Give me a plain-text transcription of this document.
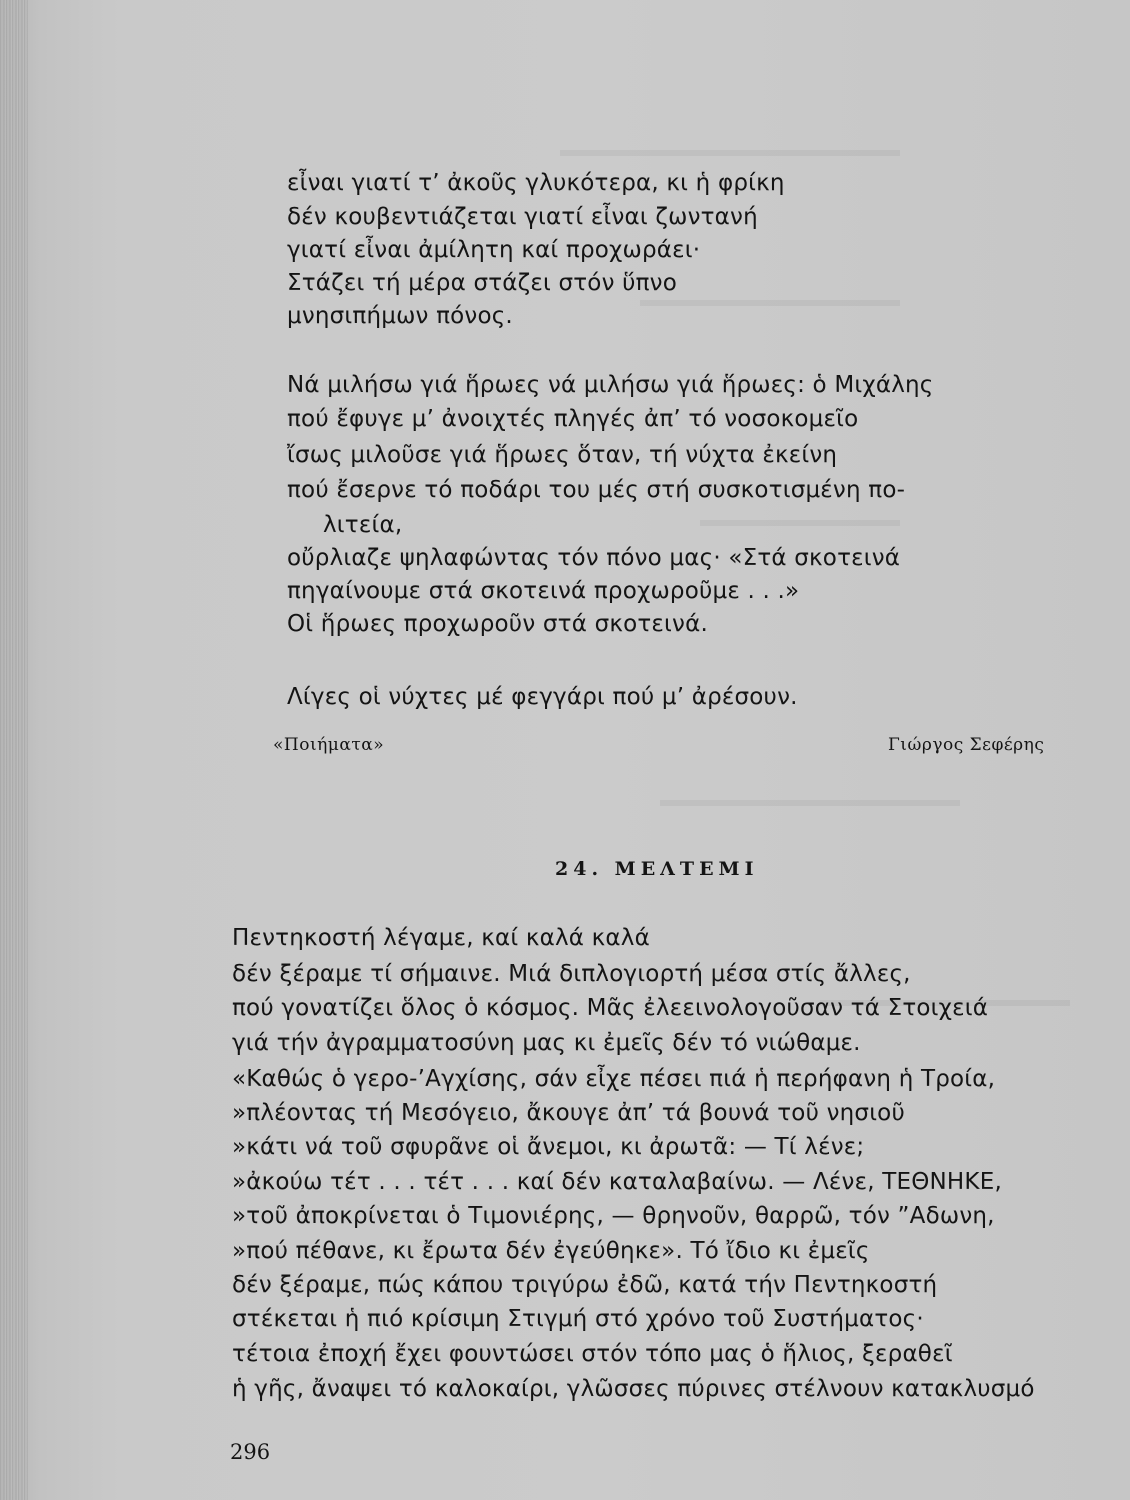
εἶναι γιατί τ’ ἀκοῦς γλυκότερα, κι ἡ φρίκη
δέν κουβεντιάζεται γιατί εἶναι ζωντανή
γιατί εἶναι ἀμίλητη καί προχωράει·
Στάζει τή μέρα στάζει στόν ὕπνο
μνησιπήμων πόνος.
Νά μιλήσω γιά ἥρωες νά μιλήσω γιά ἥρωες: ὁ Μιχάλης
πού ἔφυγε μ’ ἀνοιχτές πληγές ἀπ’ τό νοσοκομεῖο
ἴσως μιλοῦσε γιά ἥρωες ὅταν, τή νύχτα ἐκείνη
πού ἔσερνε τό ποδάρι του μές στή συσκοτισμένη πο-
λιτεία,
οὔρλιαζε ψηλαφώντας τόν πόνο μας· «Στά σκοτεινά
πηγαίνουμε στά σκοτεινά προχωροῦμε . . .»
Οἱ ἥρωες προχωροῦν στά σκοτεινά.
Λίγες οἱ νύχτες μέ φεγγάρι πού μ’ ἀρέσουν.
«Ποιήματα»	Γιώργος Σεφέρης
24. ΜΕΛΤΕΜΙ
Πεντηκοστή λέγαμε, καί καλά καλά
δέν ξέραμε τί σήμαινε. Μιά διπλογιορτή μέσα στίς ἄλλες,
πού γονατίζει ὅλος ὁ κόσμος. Μᾶς ἐλεεινολογοῦσαν τά Στοιχειά
γιά τήν ἀγραμματοσύνη μας κι ἐμεῖς δέν τό νιώθαμε.
«Καθώς ὁ γερο-’Αγχίσης, σάν εἶχε πέσει πιά ἡ περήφανη ἡ Τροία,
»πλέοντας τή Μεσόγειο, ἄκουγε ἀπ’ τά βουνά τοῦ νησιοῦ
»κάτι νά τοῦ σφυρᾶνε οἱ ἄνεμοι, κι ἀρωτᾶ: — Τί λένε;
»ἀκούω τέτ . . . τέτ . . . καί δέν καταλαβαίνω. — Λένε, ΤΕΘΝΗΚΕ,
»τοῦ ἀποκρίνεται ὁ Τιμονιέρης, — θρηνοῦν, θαρρῶ, τόν ”Αδωνη,
»πού πέθανε, κι ἔρωτα δέν ἐγεύθηκε». Τό ἴδιο κι ἐμεῖς
δέν ξέραμε, πώς κάπου τριγύρω ἐδῶ, κατά τήν Πεντηκοστή
στέκεται ἡ πιό κρίσιμη Στιγμή στό χρόνο τοῦ Συστήματος·
τέτοια ἐποχή ἔχει φουντώσει στόν τόπο μας ὁ ἥλιος, ξεραθεῖ
ἡ γῆς, ἄναψει τό καλοκαίρι, γλῶσσες πύρινες στέλνουν κατακλυσμό
296
